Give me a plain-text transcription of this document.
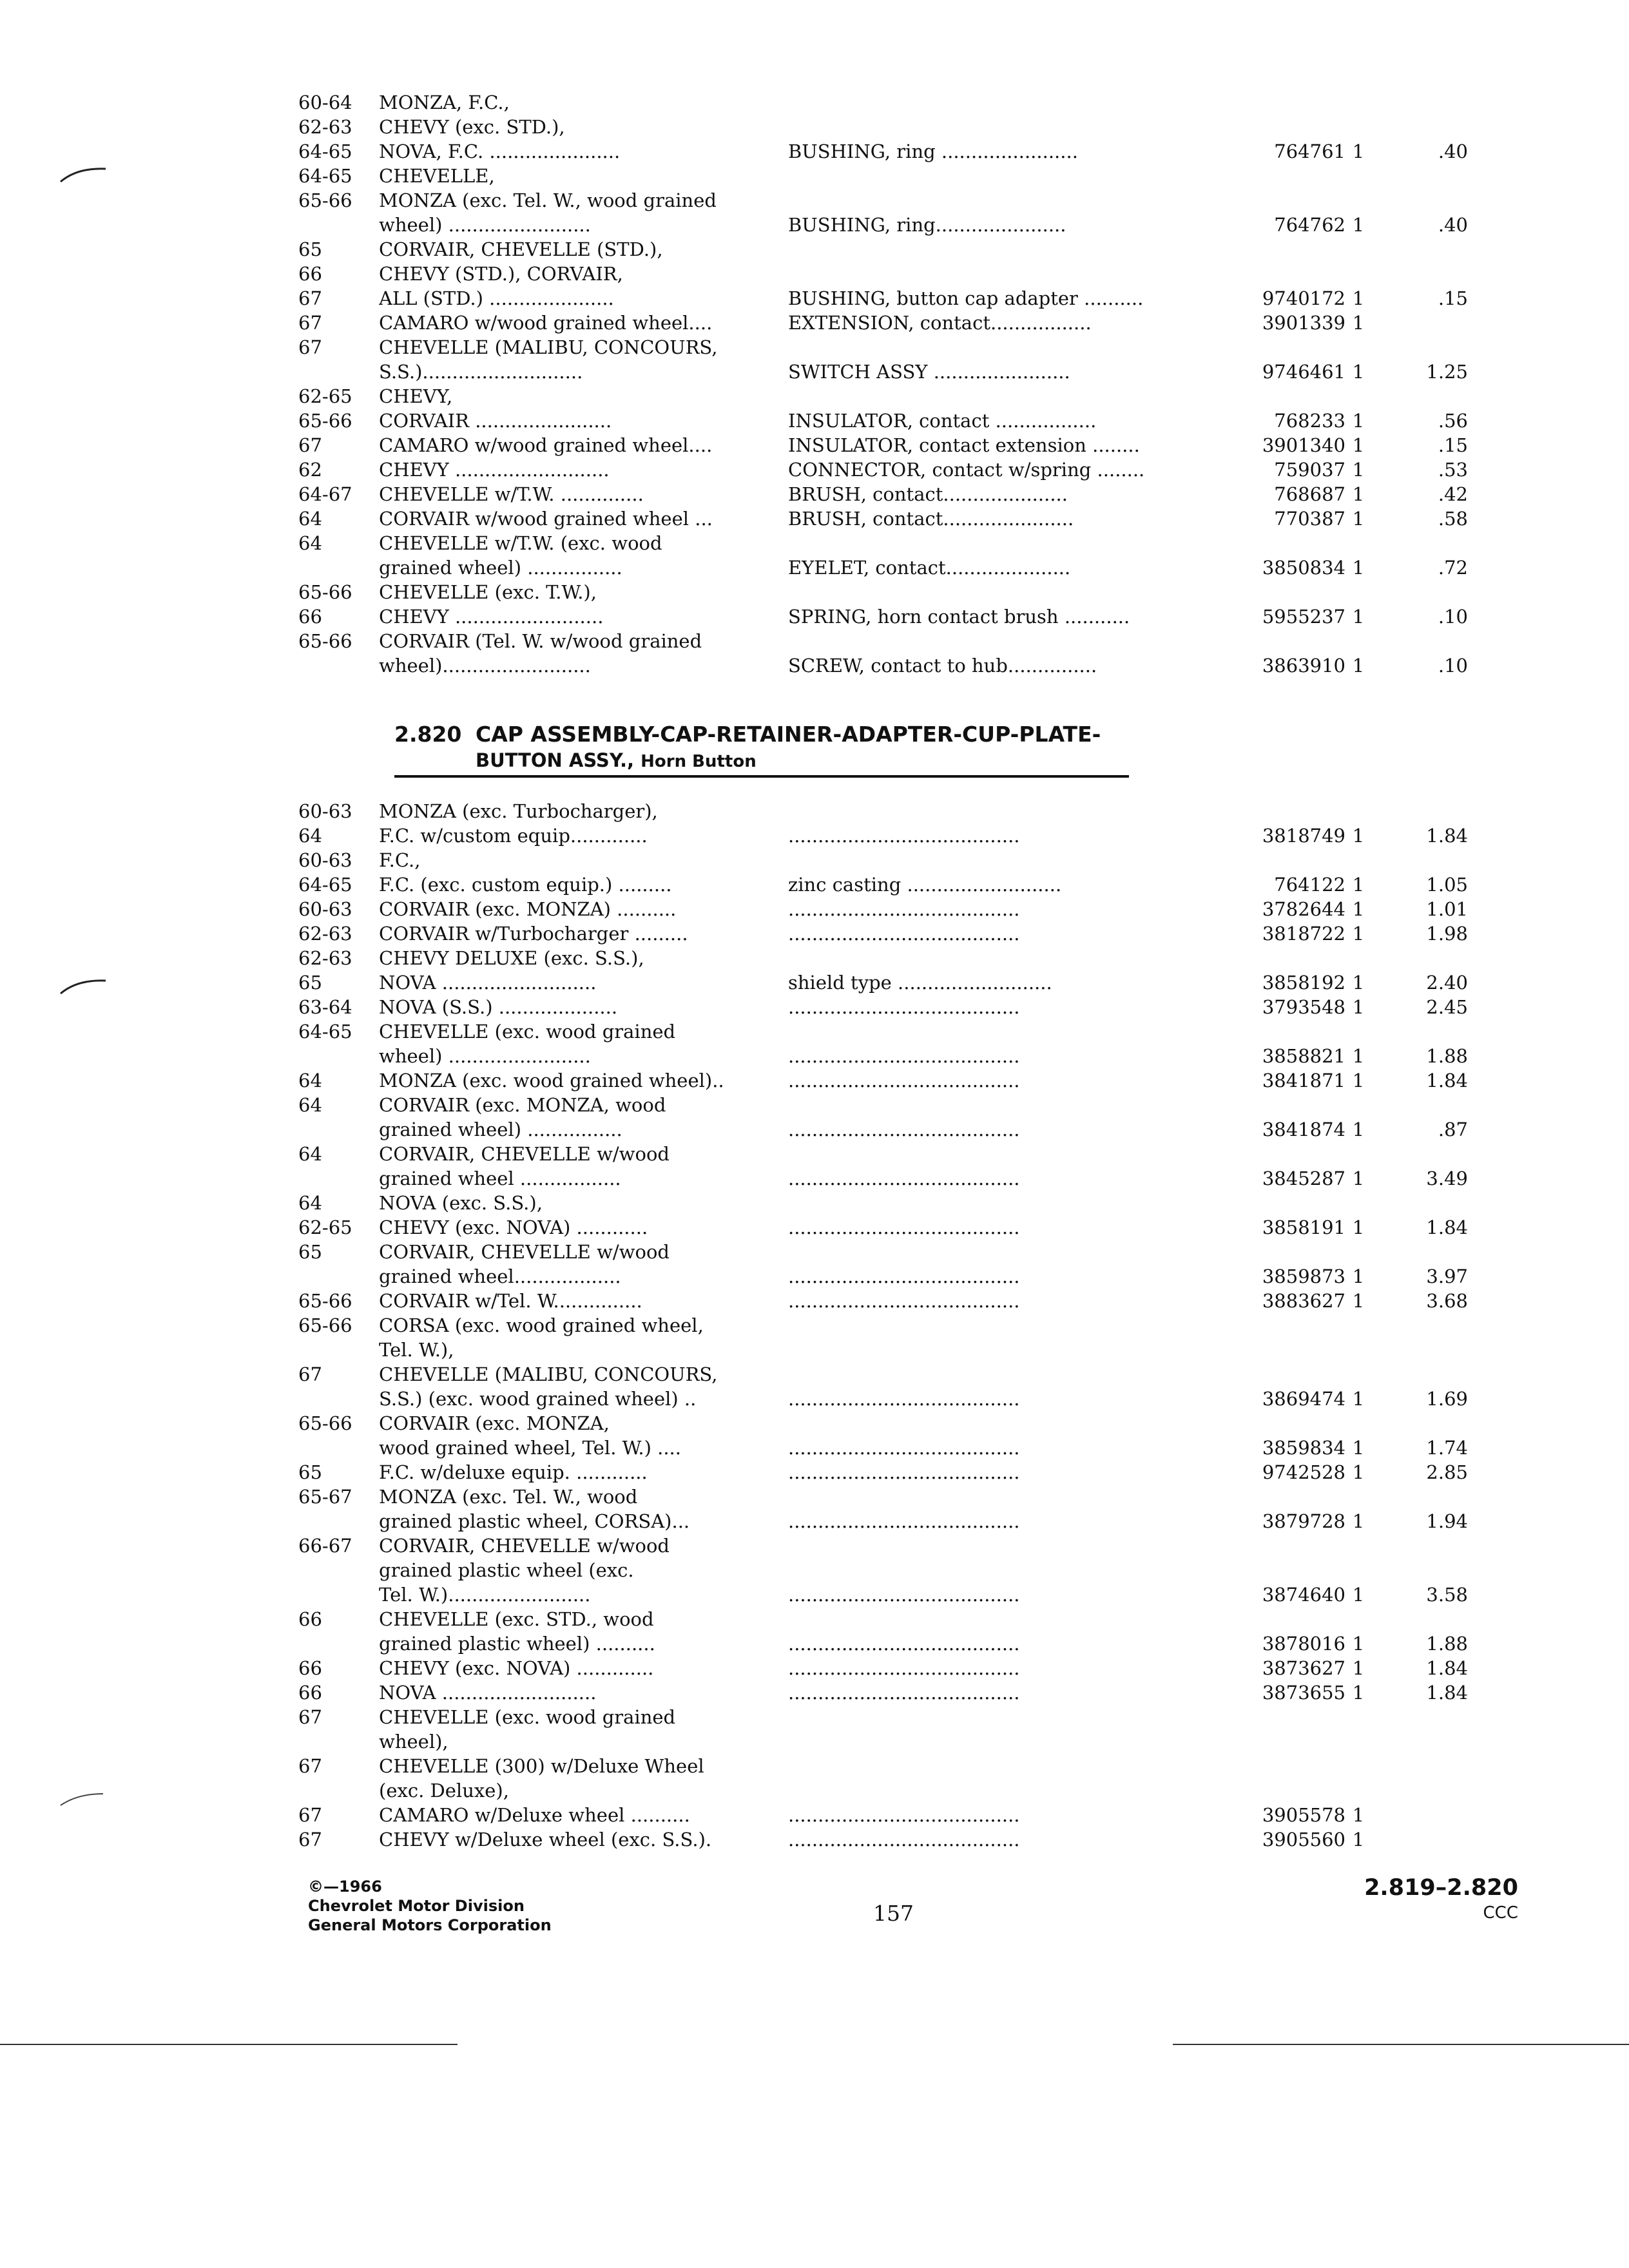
60-64	MONZA, F.C.,
62-63	CHEVY (exc. STD.),
64-65	NOVA, F.C. ......................	BUSHING, ring .......................	764761 1	.40
64-65	CHEVELLE,
65-66	MONZA (exc. Tel. W., wood grained
wheel) ........................	BUSHING, ring......................	764762 1	.40
65	CORVAIR, CHEVELLE (STD.),
66	CHEVY (STD.), CORVAIR,
67	ALL (STD.) .....................	BUSHING, button cap adapter ..........	9740172 1	.15
67	CAMARO w/wood grained wheel....	EXTENSION, contact.................	3901339 1
67	CHEVELLE (MALIBU, CONCOURS,
S.S.)...........................	SWITCH ASSY .......................	9746461 1	1.25
62-65	CHEVY,
65-66	CORVAIR .......................	INSULATOR, contact .................	768233 1	.56
67	CAMARO w/wood grained wheel....	INSULATOR, contact extension ........	3901340 1	.15
62	CHEVY ..........................	CONNECTOR, contact w/spring ........	759037 1	.53
64-67	CHEVELLE w/T.W. ..............	BRUSH, contact.....................	768687 1	.42
64	CORVAIR w/wood grained wheel ...	BRUSH, contact......................	770387 1	.58
64	CHEVELLE w/T.W. (exc. wood
grained wheel) ................	EYELET, contact.....................	3850834 1	.72
65-66	CHEVELLE (exc. T.W.),
66	CHEVY .........................	SPRING, horn contact brush ...........	5955237 1	.10
65-66	CORVAIR (Tel. W. w/wood grained
wheel).........................	SCREW, contact to hub...............	3863910 1	.10
2.820 CAP ASSEMBLY-CAP-RETAINER-ADAPTER-CUP-PLATE-
BUTTON ASSY., Horn Button
60-63	MONZA (exc. Turbocharger),
64	F.C. w/custom equip.............	.......................................	3818749 1	1.84
60-63	F.C.,
64-65	F.C. (exc. custom equip.) .........	zinc casting ..........................	764122 1	1.05
60-63	CORVAIR (exc. MONZA) ..........	.......................................	3782644 1	1.01
62-63	CORVAIR w/Turbocharger .........	.......................................	3818722 1	1.98
62-63	CHEVY DELUXE (exc. S.S.),
65	NOVA ..........................	shield type ..........................	3858192 1	2.40
63-64	NOVA (S.S.) ....................	.......................................	3793548 1	2.45
64-65	CHEVELLE (exc. wood grained
wheel) ........................	.......................................	3858821 1	1.88
64	MONZA (exc. wood grained wheel)..	.......................................	3841871 1	1.84
64	CORVAIR (exc. MONZA, wood
grained wheel) ................	.......................................	3841874 1	.87
64	CORVAIR, CHEVELLE w/wood
grained wheel .................	.......................................	3845287 1	3.49
64	NOVA (exc. S.S.),
62-65	CHEVY (exc. NOVA) ............	.......................................	3858191 1	1.84
65	CORVAIR, CHEVELLE w/wood
grained wheel..................	.......................................	3859873 1	3.97
65-66	CORVAIR w/Tel. W...............	.......................................	3883627 1	3.68
65-66	CORSA (exc. wood grained wheel,
Tel. W.),
67	CHEVELLE (MALIBU, CONCOURS,
S.S.) (exc. wood grained wheel) ..	.......................................	3869474 1	1.69
65-66	CORVAIR (exc. MONZA,
wood grained wheel, Tel. W.) ....	.......................................	3859834 1	1.74
65	F.C. w/deluxe equip. ............	.......................................	9742528 1	2.85
65-67	MONZA (exc. Tel. W., wood
grained plastic wheel, CORSA)...	.......................................	3879728 1	1.94
66-67	CORVAIR, CHEVELLE w/wood
grained plastic wheel (exc.
Tel. W.)........................	.......................................	3874640 1	3.58
66	CHEVELLE (exc. STD., wood
grained plastic wheel) ..........	.......................................	3878016 1	1.88
66	CHEVY (exc. NOVA) .............	.......................................	3873627 1	1.84
66	NOVA ..........................	.......................................	3873655 1	1.84
67	CHEVELLE (exc. wood grained
wheel),
67	CHEVELLE (300) w/Deluxe Wheel
(exc. Deluxe),
67	CAMARO w/Deluxe wheel ..........	.......................................	3905578 1
67	CHEVY w/Deluxe wheel (exc. S.S.).	.......................................	3905560 1
©—1966
Chevrolet Motor Division
General Motors Corporation	157
2.819–2.820
CCC
